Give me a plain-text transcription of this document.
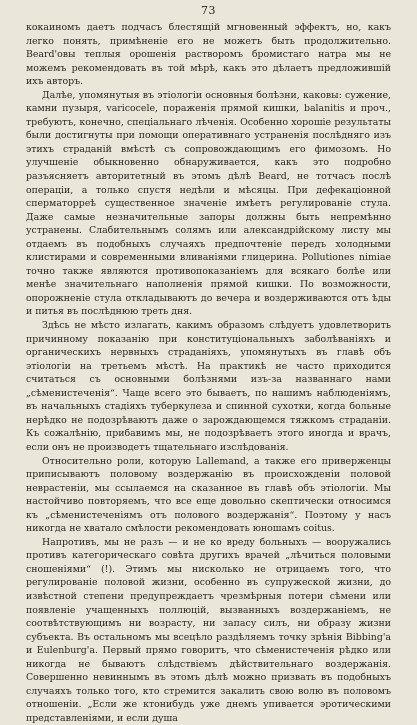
73

кокаиномъ даетъ подчасъ блестящій мгновенный эффектъ, но, какъ легко понять, примѣненіе его не можетъ быть продолжительно. Beard'овы теплыя орошенія растворомъ бромистаго натра мы не можемъ рекомендовать въ той мѣрѣ, какъ это дѣлаетъ предложившій ихъ авторъ.

Далѣе, упомянутыя въ этіологіи основныя болѣзни, каковы: сужение, камни пузыря, varicocele, пораженія прямой кишки, balanitis и проч., требуютъ, конечно, спеціальнаго лѣченія. Особенно хорошіе результаты были достигнуты при помощи оперативнаго устраненія послѣдняго изъ этихъ страданій вмѣстѣ съ сопровождающимъ его фимозомъ. Но улучшеніе обыкновенно обнаруживается, какъ это подробно разъясняетъ авторитетный въ этомъ дѣлѣ Beard, не тотчасъ послѣ операціи, а только спустя недѣли и мѣсяцы. При дефекаціонной сперматоррeѣ существенное значеніе имѣетъ регулированіе стула. Даже самые незначительные запоры должны быть непремѣнно устранены. Слабительнымъ солямъ или александрійскому листу мы отдаемъ въ подобныхъ случаяхъ предпочтеніе передъ холодными клистирами и современными вливаніями глицерина. Pollutiones nimiae точно также являются противопоказаніемъ для всякаго болѣе или менѣе значительнаго наполненія прямой кишки. По возможности, опорожненіе стула откладываютъ до вечера и воздерживаются отъ ѣды и питья въ послѣднюю треть дня.

Здѣсь не мѣсто излагать, какимъ образомъ слѣдуетъ удовлетворить причинному показанію при конституціональныхъ заболѣваніяхъ и органическихъ нервныхъ страданіяхъ, упомянутыхъ въ главѣ объ этіологіи на третьемъ мѣстѣ. На практикѣ не часто приходится считаться съ основными болѣзнями изъ-за названнаго нами „сѣменистеченія“. Чаще всего это бываетъ, по нашимъ наблюденіямъ, въ начальныхъ стадіяхъ туберкулеза и спинной сухотки, когда больные нерѣдко не подозрѣваютъ даже о зарождающемся тяжкомъ страданіи. Къ сожалѣнію, прибавимъ мы, не подозрѣваетъ этого иногда и врачъ, если онъ не производетъ тщательнаго изслѣдованія.

Относительно роли, которую Lallemand, а также его приверженцы приписываютъ половому воздержанію въ происхожденіи половой неврастеніи, мы ссылаемся на сказанное въ главѣ объ этіологіи. Мы настойчиво повторяемъ, что все еще довольно скептически относимся къ „сѣменистеченіямъ отъ полового воздержанія“. Поэтому у насъ никогда не хватало смѣлости рекомендовать юношамъ coitus.

Напротивъ, мы не разъ — и не ко вреду больныхъ — вооружались противъ категорическаго совѣта другихъ врачей „лѣчиться половыми сношеніями“ (!). Этимъ мы нисколько не отрицаемъ того, что регулированіе половой жизни, особенно въ супружеской жизни, до извѣстной степени предупреждаетъ чрезмѣрныя потери сѣмени или появленіе учащенныхъ поллюцій, вызванныхъ воздержаніемъ, не соотвѣтствующимъ ни возрасту, ни запасу силъ, ни образу жизни субъекта. Въ остальномъ мы всецѣло раздѣляемъ точку зрѣнія Bibbing'а и Eulenburg'а. Первый прямо говоритъ, что сѣменистеченія рѣдко или никогда не бываютъ слѣдствіемъ дѣйствительнаго воздержанія. Совершенно невиннымъ въ этомъ дѣлѣ можно призвать въ подобныхъ случаяхъ только того, кто стремится закалить свою волю въ половомъ отношеніи. „Если же ктонибудь уже днемъ упивается эротическими представленіями, и если душа
